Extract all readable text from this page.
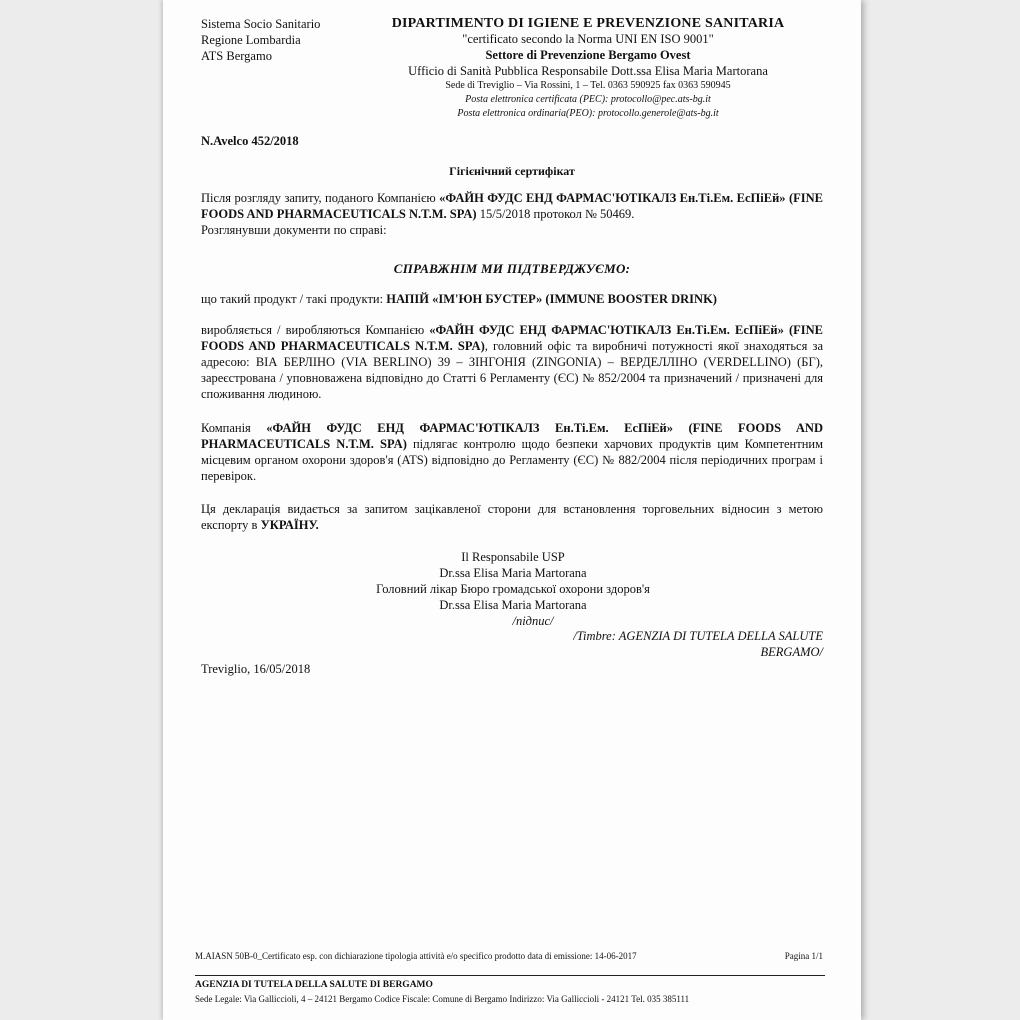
Sistema Socio Sanitario
Regione Lombardia
ATS Bergamo
DIPARTIMENTO DI IGIENE E PREVENZIONE SANITARIA
"certificato secondo la Norma UNI EN ISO 9001"
Settore di Prevenzione Bergamo Ovest
Ufficio di Sanità Pubblica Responsabile Dott.ssa Elisa Maria Martorana
Sede di Treviglio – Via Rossini, 1 – Tel. 0363 590925 fax 0363 590945
Posta elettronica certificata (PEC): protocollo@pec.ats-bg.it
Posta elettronica ordinaria(PEO): protocollo.generole@ats-bg.it
N.Avelco 452/2018
Гігієнічний сертифікат
Після розгляду запиту, поданого Компанією «ФАЙН ФУДС ЕНД ФАРМАС'ЮТІКАЛЗ Ен.Ті.Ем. ЕсПіЕй» (FINE FOODS AND PHARMACEUTICALS N.T.M. SPA) 15/5/2018 протокол № 50469.
Розглянувши документи по справі:
СПРАВЖНІМ МИ ПІДТВЕРДЖУЄМО:
що такий продукт / такі продукти: НАПІЙ «ІМ'ЮН БУСТЕР» (IMMUNE BOOSTER DRINK)
виробляється / виробляються Компанією «ФАЙН ФУДС ЕНД ФАРМАС'ЮТІКАЛЗ Ен.Ті.Ем. ЕсПіЕй» (FINE FOODS AND PHARMACEUTICALS N.T.M. SPA), головний офіс та виробничі потужності якої знаходяться за адресою: ВІА БЕРЛІНО (VIA BERLINO) 39 – ЗІНГОНІЯ (ZINGONIA) – ВЕРДЕЛЛІНО (VERDELLINO) (БГ), зареєстрована / уповноважена відповідно до Статті 6 Регламенту (ЄС) № 852/2004 та призначений / призначені для споживання людиною.
Компанія «ФАЙН ФУДС ЕНД ФАРМАС'ЮТІКАЛЗ Ен.Ті.Ем. ЕсПіЕй» (FINE FOODS AND PHARMACEUTICALS N.T.M. SPA) підлягає контролю щодо безпеки харчових продуктів цим Компетентним місцевим органом охорони здоров'я (ATS) відповідно до Регламенту (ЄС) № 882/2004 після періодичних програм і перевірок.
Ця декларація видається за запитом зацікавленої сторони для встановлення торговельних відносин з метою експорту в УКРАЇНУ.
Il Responsabile USP
Dr.ssa Elisa Maria Martorana
Головний лікар Бюро громадської охорони здоров'я
Dr.ssa Elisa Maria Martorana
/підпис/
/Timbre: AGENZIA DI TUTELA DELLA SALUTE
BERGAMO/
Treviglio, 16/05/2018
M.AIASN 50B-0_Certificato esp. con dichiarazione tipologia attività e/o specifico prodotto data di emissione: 14-06-2017	Pagina 1/1
AGENZIA DI TUTELA DELLA SALUTE DI BERGAMO
Sede Legale: Via Galliccioli, 4 – 24121 Bergamo Codice Fiscale: Comune di Bergamo Indirizzo: Via Galliccioli - 24121 Tel. 035 385111
